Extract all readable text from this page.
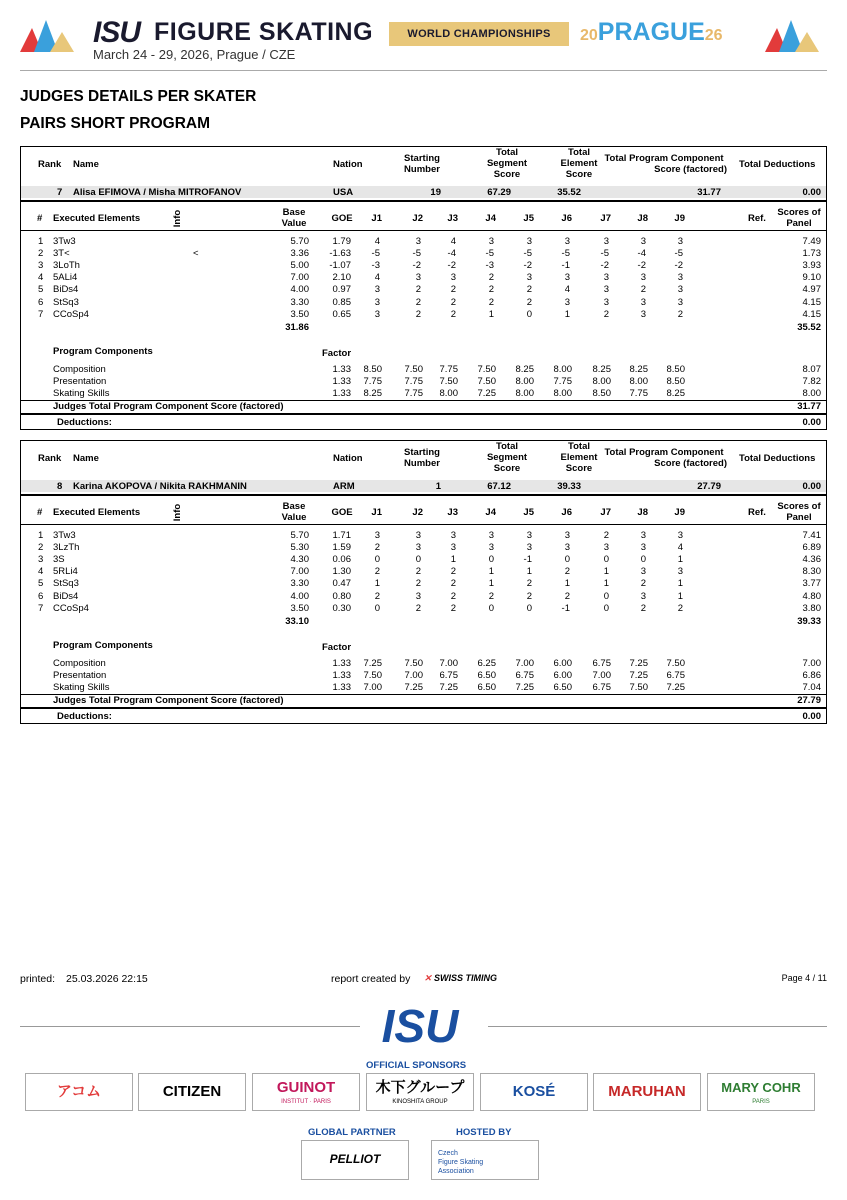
ISU FIGURE SKATING
March 24 - 29, 2026, Prague / CZE
WORLD CHAMPIONSHIPS	20PRAGUE26
JUDGES DETAILS PER SKATER
PAIRS SHORT PROGRAM
Rank Name	Nation
Starting
Number
Total
Segment
Score
Total
Element
Score
Total Program Component
Score (factored) Total Deductions
7 Alisa EFIMOVA / Misha MITROFANOV	USA	19	67.29	35.52	31.77	0.00
# Executed Elements	Info	Base
Value	GOE	J1	J2	J3	J4	J5	J6	J7	J8	J9	Ref.
Scores of
Panel
1 3Tw3	5.70	1.79	4	3	4	3	3	3	3	3	3	7.49
2 3T<	<	3.36	-1.63	-5	-5	-4	-5	-5	-5	-5	-4	-5	1.73
3 3LoTh	5.00	-1.07	-3	-2	-2	-3	-2	-1	-2	-2	-2	3.93
4 5ALi4	7.00	2.10	4	3	3	2	3	3	3	3	3	9.10
5 BiDs4	4.00	0.97	3	2	2	2	2	4	3	2	3	4.97
6 StSq3	3.30	0.85	3	2	2	2	2	3	3	3	3	4.15
7 CCoSp4	3.50	0.65	3	2	2	1	0	1	2	3	2	4.15
31.86	35.52
Program Components	Factor
Composition	1.33	8.50	7.50	7.75	7.50	8.25	8.00	8.25	8.25	8.50	8.07
Presentation	1.33	7.75	7.75	7.50	7.50	8.00	7.75	8.00	8.00	8.50	7.82
Skating Skills	1.33	8.25	7.75	8.00	7.25	8.00	8.00	8.50	7.75	8.25	8.00
Judges Total Program Component Score (factored)	31.77
Deductions:	0.00
Rank Name	Nation
Starting
Number
Total
Segment
Score
Total
Element
Score
Total Program Component
Score (factored) Total Deductions
8 Karina AKOPOVA / Nikita RAKHMANIN	ARM	1	67.12	39.33	27.79	0.00
# Executed Elements	Info	Base
Value	GOE	J1	J2	J3	J4	J5	J6	J7	J8	J9	Ref.
Scores of
Panel
1 3Tw3	5.70	1.71	3	3	3	3	3	3	2	3	3	7.41
2 3LzTh	5.30	1.59	2	3	3	3	3	3	3	3	4	6.89
3 3S	4.30	0.06	0	0	1	0	-1	0	0	0	1	4.36
4 5RLi4	7.00	1.30	2	2	2	1	1	2	1	3	3	8.30
5 StSq3	3.30	0.47	1	2	2	1	2	1	1	2	1	3.77
6 BiDs4	4.00	0.80	2	3	2	2	2	2	0	3	1	4.80
7 CCoSp4	3.50	0.30	0	2	2	0	0	-1	0	2	2	3.80
33.10	39.33
Program Components	Factor
Composition	1.33	7.25	7.50	7.00	6.25	7.00	6.00	6.75	7.25	7.50	7.00
Presentation	1.33	7.50	7.00	6.75	6.50	6.75	6.00	7.00	7.25	6.75	6.86
Skating Skills	1.33	7.00	7.25	7.25	6.50	7.25	6.50	6.75	7.50	7.25	7.04
Judges Total Program Component Score (factored)	27.79
Deductions:	0.00
printed: 25.03.2026 22:15	report created by ✕ SWISS TIMING	Page 4 / 11
ISU
OFFICIAL SPONSORS
アコム	CITIZEN	GUINOT
INSTITUT · PARIS
木下グループ
KINOSHITA GROUP
KOSÉ	MARUHAN	MARY COHR
PARIS
GLOBAL PARTNER
PELLIOT
HOSTED BY
Czech
Figure Skating
Association
